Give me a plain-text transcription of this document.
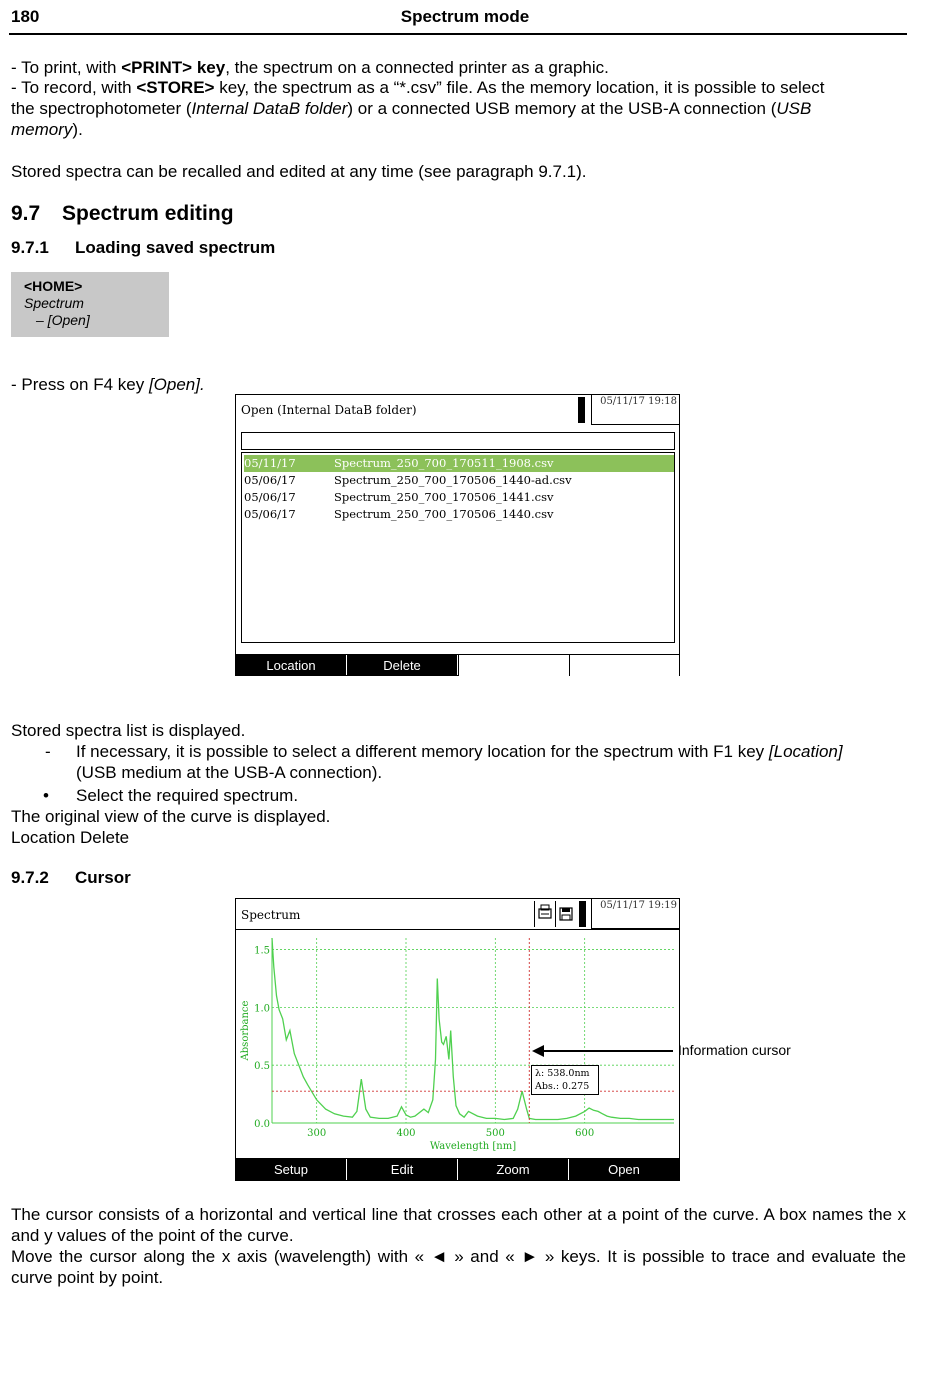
180	Spectrum mode
- To print, with <PRINT> key, the spectrum on a connected printer as a graphic.
- To record, with <STORE> key, the spectrum as a “*.csv” file. As the memory location, it is possible to select
the spectrophotometer (Internal DataB folder) or a connected USB memory at the USB-A connection (USB
memory).
Stored spectra can be recalled and edited at any time (see paragraph 9.7.1).
9.7 Spectrum editing
9.7.1 Loading saved spectrum
<HOME>
Spectrum
– [Open]
- Press on F4 key [Open].
Open (Internal DataB folder)
05/11/17 19:18
05/11/17	Spectrum_250_700_170511_1908.csv
05/06/17	Spectrum_250_700_170506_1440-ad.csv
05/06/17	Spectrum_250_700_170506_1441.csv
05/06/17	Spectrum_250_700_170506_1440.csv
Location	Delete
Stored spectra list is displayed.
-	If necessary, it is possible to select a different memory location for the spectrum with F1 key [Location]
(USB medium at the USB-A connection).
•	Select the required spectrum.
The original view of the curve is displayed.
Location Delete
9.7.2 Cursor
Spectrum
05/11/17 19:19
300	400	500	600
0.0
0.5
1.0
1.5
Wavelength [nm]
Absorbance
λ: 538.0nm
Abs.: 0.275
Setup	Edit	Zoom	Open
Information cursor
The cursor consists of a horizontal and vertical line that crosses each other at a point of the curve. A box names the x and y values of the point of the curve.
Move the cursor along the x axis (wavelength) with « ◄ » and « ► » keys. It is possible to trace and evaluate the curve point by point.
